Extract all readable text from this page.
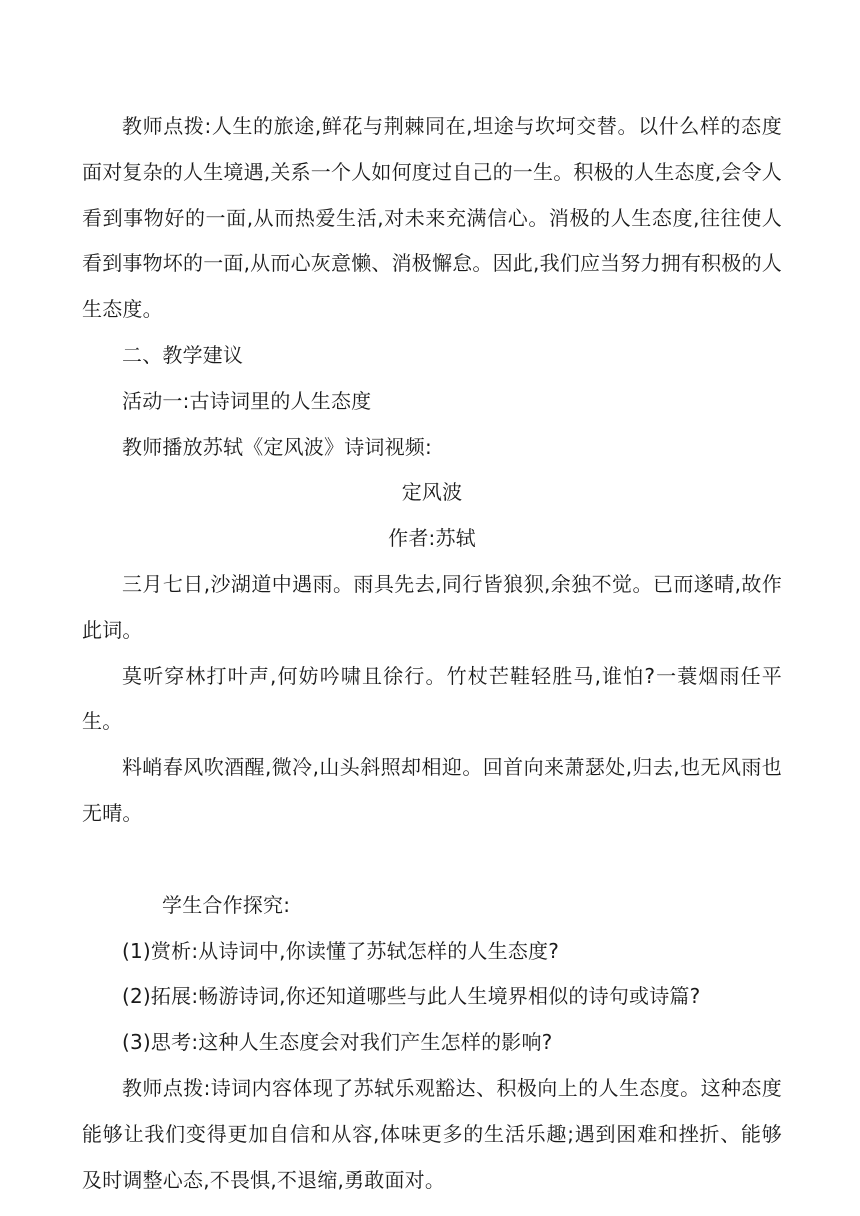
教师点拨:人生的旅途,鲜花与荆棘同在,坦途与坎坷交替。以什么样的态度面对复杂的人生境遇,关系一个人如何度过自己的一生。积极的人生态度,会令人看到事物好的一面,从而热爱生活,对未来充满信心。消极的人生态度,往往使人看到事物坏的一面,从而心灰意懒、消极懈怠。因此,我们应当努力拥有积极的人生态度。

二、教学建议

活动一:古诗词里的人生态度

教师播放苏轼《定风波》诗词视频:

定风波

作者:苏轼

三月七日,沙湖道中遇雨。雨具先去,同行皆狼狈,余独不觉。已而遂晴,故作此词。

莫听穿林打叶声,何妨吟啸且徐行。竹杖芒鞋轻胜马,谁怕?一蓑烟雨任平生。

料峭春风吹酒醒,微冷,山头斜照却相迎。回首向来萧瑟处,归去,也无风雨也无晴。

学生合作探究:

(1)赏析:从诗词中,你读懂了苏轼怎样的人生态度?

(2)拓展:畅游诗词,你还知道哪些与此人生境界相似的诗句或诗篇?

(3)思考:这种人生态度会对我们产生怎样的影响?

教师点拨:诗词内容体现了苏轼乐观豁达、积极向上的人生态度。这种态度能够让我们变得更加自信和从容,体味更多的生活乐趣;遇到困难和挫折、能够及时调整心态,不畏惧,不退缩,勇敢面对。
